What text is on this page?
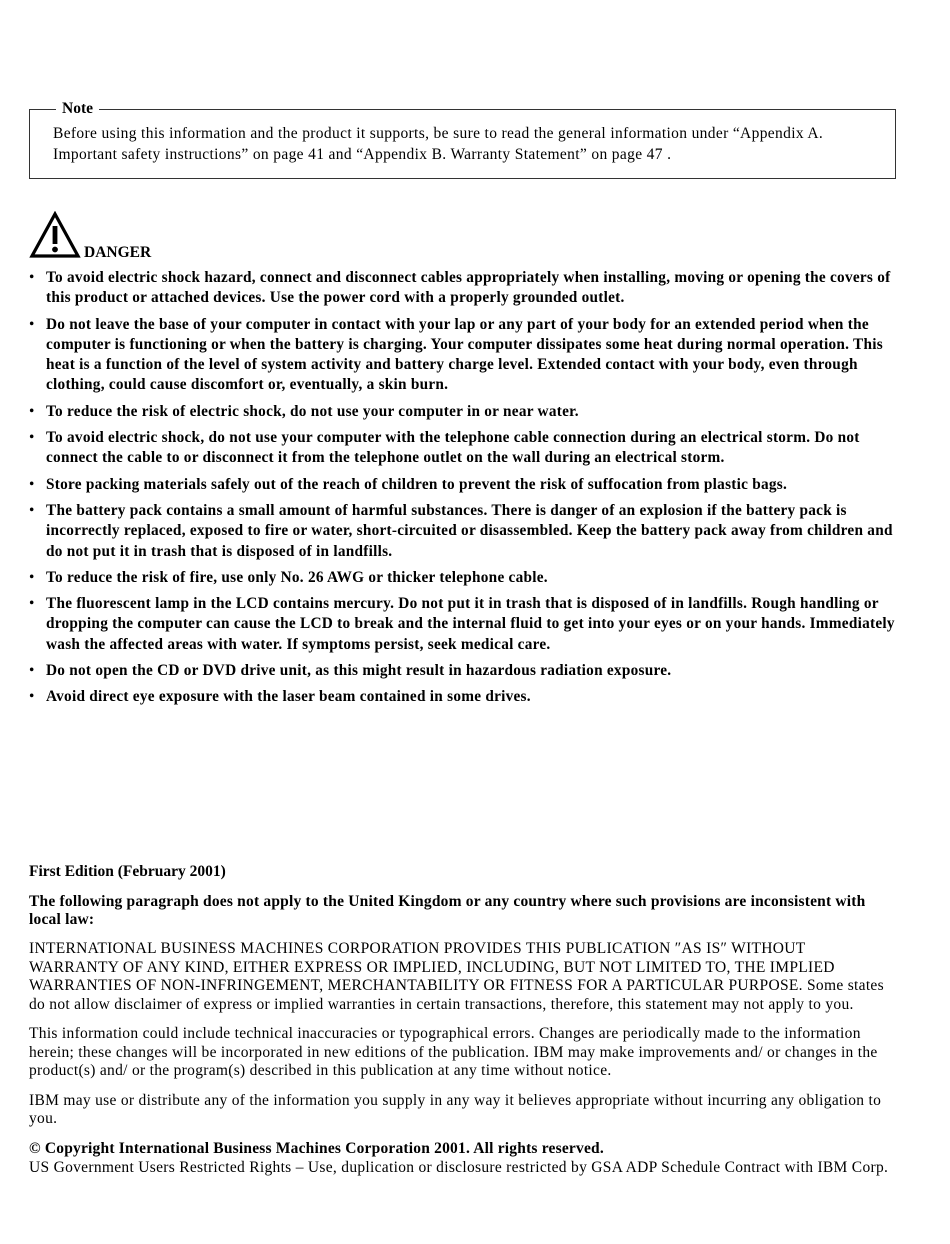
Note
Before using this information and the product it supports, be sure to read the general information under “Appendix A. Important safety instructions” on page 41 and “Appendix B. Warranty Statement” on page 47 .
DANGER
• To avoid electric shock hazard, connect and disconnect cables appropriately when installing, moving or opening the covers of this product or attached devices. Use the power cord with a properly grounded outlet.
• Do not leave the base of your computer in contact with your lap or any part of your body for an extended period when the computer is functioning or when the battery is charging. Your computer dissipates some heat during normal operation. This heat is a function of the level of system activity and battery charge level. Extended contact with your body, even through clothing, could cause discomfort or, eventually, a skin burn.
• To reduce the risk of electric shock, do not use your computer in or near water.
• To avoid electric shock, do not use your computer with the telephone cable connection during an electrical storm. Do not connect the cable to or disconnect it from the telephone outlet on the wall during an electrical storm.
• Store packing materials safely out of the reach of children to prevent the risk of suffocation from plastic bags.
• The battery pack contains a small amount of harmful substances. There is danger of an explosion if the battery pack is incorrectly replaced, exposed to fire or water, short-circuited or disassembled. Keep the battery pack away from children and do not put it in trash that is disposed of in landfills.
• To reduce the risk of fire, use only No. 26 AWG or thicker telephone cable.
• The fluorescent lamp in the LCD contains mercury. Do not put it in trash that is disposed of in landfills. Rough handling or dropping the computer can cause the LCD to break and the internal fluid to get into your eyes or on your hands. Immediately wash the affected areas with water. If symptoms persist, seek medical care.
• Do not open the CD or DVD drive unit, as this might result in hazardous radiation exposure.
• Avoid direct eye exposure with the laser beam contained in some drives.

First Edition (February 2001)

The following paragraph does not apply to the United Kingdom or any country where such provisions are inconsistent with local law:

INTERNATIONAL BUSINESS MACHINES CORPORATION PROVIDES THIS PUBLICATION ″AS IS″ WITHOUT WARRANTY OF ANY KIND, EITHER EXPRESS OR IMPLIED, INCLUDING, BUT NOT LIMITED TO, THE IMPLIED WARRANTIES OF NON-INFRINGEMENT, MERCHANTABILITY OR FITNESS FOR A PARTICULAR PURPOSE. Some states do not allow disclaimer of express or implied warranties in certain transactions, therefore, this statement may not apply to you.

This information could include technical inaccuracies or typographical errors. Changes are periodically made to the information herein; these changes will be incorporated in new editions of the publication. IBM may make improvements and/ or changes in the product(s) and/ or the program(s) described in this publication at any time without notice.

IBM may use or distribute any of the information you supply in any way it believes appropriate without incurring any obligation to you.

© Copyright International Business Machines Corporation 2001. All rights reserved.

US Government Users Restricted Rights – Use, duplication or disclosure restricted by GSA ADP Schedule Contract with IBM Corp.
